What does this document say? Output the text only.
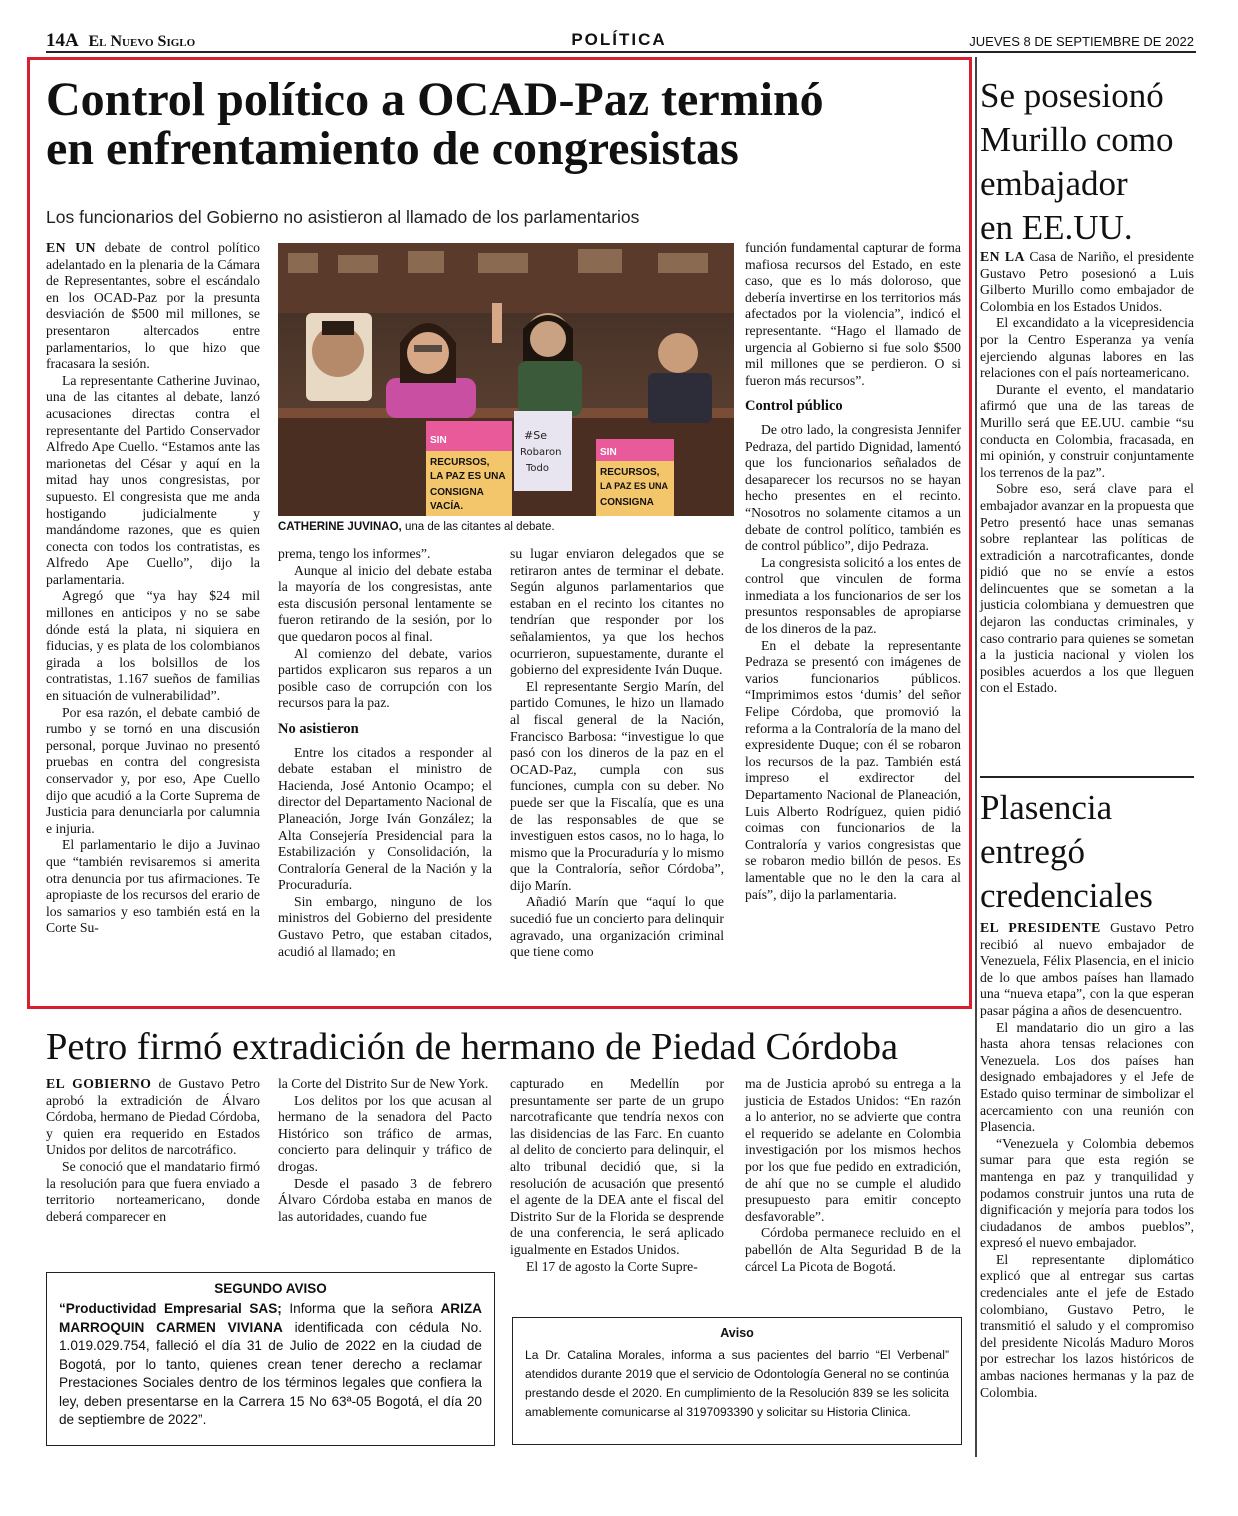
14A El Nuevo Siglo	POLÍTICA	JUEVES 8 DE SEPTIEMBRE DE 2022
Control político a OCAD-Paz terminó
en enfrentamiento de congresistas
Los funcionarios del Gobierno no asistieron al llamado de los parlamentarios

EN UN debate de control político adelantado en la plenaria de la Cámara de Representantes, sobre el escándalo en los OCAD-Paz por la presunta desviación de $500 mil millones, se presentaron altercados entre parlamentarios, lo que hizo que fracasara la sesión.

La representante Catherine Juvinao, una de las citantes al debate, lanzó acusaciones directas contra el representante del Partido Conservador Alfredo Ape Cuello. “Estamos ante las marionetas del César y aquí en la mitad hay unos congresistas, por supuesto. El congresista que me anda hostigando judicialmente y mandándome razones, que es quien conecta con todos los contratistas, es Alfredo Ape Cuello”, dijo la parlamentaria.

Agregó que “ya hay $24 mil millones en anticipos y no se sabe dónde está la plata, ni siquiera en fiducias, y es plata de los colombianos girada a los bolsillos de los contratistas, 1.167 sueños de familias en situación de vulnerabilidad”.

Por esa razón, el debate cambió de rumbo y se tornó en una discusión personal, porque Juvinao no presentó pruebas en contra del congresista conservador y, por eso, Ape Cuello dijo que acudió a la Corte Suprema de Justicia para denunciarla por calumnia e injuria.

El parlamentario le dijo a Juvinao que “también revisaremos si amerita otra denuncia por tus afirmaciones. Te apropiaste de los recursos del erario de los samarios y eso también está en la Corte Su-

prema, tengo los informes”.

Aunque al inicio del debate estaba la mayoría de los congresistas, ante esta discusión personal lentamente se fueron retirando de la sesión, por lo que quedaron pocos al final.

Al comienzo del debate, varios partidos explicaron sus reparos a un posible caso de corrupción con los recursos para la paz.

No asistieron

Entre los citados a responder al debate estaban el ministro de Hacienda, José Antonio Ocampo; el director del Departamento Nacional de Planeación, Jorge Iván González; la Alta Consejería Presidencial para la Estabilización y Consolidación, la Contraloría General de la Nación y la Procuraduría.

Sin embargo, ninguno de los ministros del Gobierno del presidente Gustavo Petro, que estaban citados, acudió al llamado; en

su lugar enviaron delegados que se retiraron antes de terminar el debate. Según algunos parlamentarios que estaban en el recinto los citantes no tendrían que responder por los señalamientos, ya que los hechos ocurrieron, supuestamente, durante el gobierno del expresidente Iván Duque.

El representante Sergio Marín, del partido Comunes, le hizo un llamado al fiscal general de la Nación, Francisco Barbosa: “investigue lo que pasó con los dineros de la paz en el OCAD-Paz, cumpla con sus funciones, cumpla con su deber. No puede ser que la Fiscalía, que es una de las responsables de que se investiguen estos casos, no lo haga, lo mismo que la Procuraduría y lo mismo que la Contraloría, señor Córdoba”, dijo Marín.

Añadió Marín que “aquí lo que sucedió fue un concierto para delinquir agravado, una organización criminal que tiene como

función fundamental capturar de forma mafiosa recursos del Estado, en este caso, que es lo más doloroso, que debería invertirse en los territorios más afectados por la violencia”, indicó el representante. “Hago el llamado de urgencia al Gobierno si fue solo $500 mil millones que se perdieron. O si fueron más recursos”.

Control público

De otro lado, la congresista Jennifer Pedraza, del partido Dignidad, lamentó que los funcionarios señalados de desaparecer los recursos no se hayan hecho presentes en el recinto. “Nosotros no solamente citamos a un debate de control político, también es de control público”, dijo Pedraza.

La congresista solicitó a los entes de control que vinculen de forma inmediata a los funcionarios de ser los presuntos responsables de apropiarse de los dineros de la paz.

En el debate la representante Pedraza se presentó con imágenes de varios funcionarios públicos. “Imprimimos estos ‘dumis’ del señor Felipe Córdoba, que promovió la reforma a la Contraloría de la mano del expresidente Duque; con él se robaron los recursos de la paz. También está impreso el exdirector del Departamento Nacional de Planeación, Luis Alberto Rodríguez, quien pidió coimas con funcionarios de la Contraloría y varios congresistas que se robaron medio billón de pesos. Es lamentable que no le den la cara al país”, dijo la parlamentaria.

SIN
RECURSOS,
LA PAZ ES UNA
CONSIGNA
VACÍA.
#Se
Robaron
Todo
SIN
RECURSOS,
LA PAZ ES UNA
CONSIGNA
CATHERINE JUVINAO, una de las citantes al debate.
Se posesionó
Murillo como
embajador
en EE.UU.

EN LA Casa de Nariño, el presidente Gustavo Petro posesionó a Luis Gilberto Murillo como embajador de Colombia en los Estados Unidos.

El excandidato a la vicepresidencia por la Centro Esperanza ya venía ejerciendo algunas labores en las relaciones con el país norteamericano.

Durante el evento, el mandatario afirmó que una de las tareas de Murillo será que EE.UU. cambie “su conducta en Colombia, fracasada, en mi opinión, y construir conjuntamente los terrenos de la paz”.

Sobre eso, será clave para el embajador avanzar en la propuesta que Petro presentó hace unas semanas sobre replantear las políticas de extradición a narcotraficantes, donde pidió que no se envíe a estos delincuentes que se sometan a la justicia colombiana y demuestren que dejaron las conductas criminales, y caso contrario para quienes se sometan a la justicia nacional y violen los posibles acuerdos a los que lleguen con el Estado.

Plasencia
entregó
credenciales

EL PRESIDENTE Gustavo Petro recibió al nuevo embajador de Venezuela, Félix Plasencia, en el inicio de lo que ambos países han llamado una “nueva etapa”, con la que esperan pasar página a años de desencuentro.

El mandatario dio un giro a las hasta ahora tensas relaciones con Venezuela. Los dos países han designado embajadores y el Jefe de Estado quiso terminar de simbolizar el acercamiento con una reunión con Plasencia.

“Venezuela y Colombia debemos sumar para que esta región se mantenga en paz y tranquilidad y podamos construir juntos una ruta de dignificación y mejoría para todos los ciudadanos de ambos pueblos”, expresó el nuevo embajador.

El representante diplomático explicó que al entregar sus cartas credenciales ante el jefe de Estado colombiano, Gustavo Petro, le transmitió el saludo y el compromiso del presidente Nicolás Maduro Moros por estrechar los lazos históricos de ambas naciones hermanas y la paz de Colombia.

Petro firmó extradición de hermano de Piedad Córdoba

EL GOBIERNO de Gustavo Petro aprobó la extradición de Álvaro Córdoba, hermano de Piedad Córdoba, y quien era requerido en Estados Unidos por delitos de narcotráfico.

Se conoció que el mandatario firmó la resolución para que fuera enviado a territorio norteamericano, donde deberá comparecer en

la Corte del Distrito Sur de New York.

Los delitos por los que acusan al hermano de la senadora del Pacto Histórico son tráfico de armas, concierto para delinquir y tráfico de drogas.

Desde el pasado 3 de febrero Álvaro Córdoba estaba en manos de las autoridades, cuando fue

capturado en Medellín por presuntamente ser parte de un grupo narcotraficante que tendría nexos con las disidencias de las Farc. En cuanto al delito de concierto para delinquir, el alto tribunal decidió que, si la resolución de acusación que presentó el agente de la DEA ante el fiscal del Distrito Sur de la Florida se desprende de una conferencia, le será aplicado igualmente en Estados Unidos.

El 17 de agosto la Corte Supre-

ma de Justicia aprobó su entrega a la justicia de Estados Unidos: “En razón a lo anterior, no se advierte que contra el requerido se adelante en Colombia investigación por los mismos hechos por los que fue pedido en extradición, de ahí que no se cumple el aludido presupuesto para emitir concepto desfavorable”.

Córdoba permanece recluido en el pabellón de Alta Seguridad B de la cárcel La Picota de Bogotá.

SEGUNDO AVISO
“Productividad Empresarial SAS; Informa que la señora ARIZA MARROQUIN CARMEN VIVIANA identificada con cédula No. 1.019.029.754, falleció el día 31 de Julio de 2022 en la ciudad de Bogotá, por lo tanto, quienes crean tener derecho a reclamar Prestaciones Sociales dentro de los términos legales que confiera la ley, deben presentarse en la Carrera 15 No 63ª-05 Bogotá, el día 20 de septiembre de 2022”.
Aviso
La Dr. Catalina Morales, informa a sus pacientes del barrio “El Verbenal” atendidos durante 2019 que el servicio de Odontología General no se continúa prestando desde el 2020. En cumplimiento de la Resolución 839 se les solicita amablemente comunicarse al 3197093390 y solicitar su Historia Clinica.
